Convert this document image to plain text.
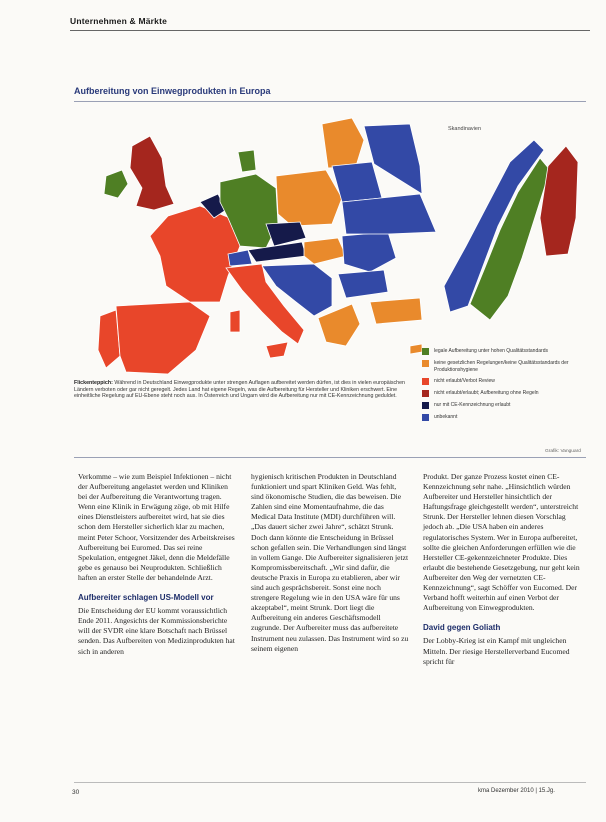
Unternehmen & Märkte
Aufbereitung von Einwegprodukten in Europa
Skandinavien
legale Aufbereitung unter hohen Qualitätsstandards
keine gesetzlichen Regelungen/keine Qualitätsstandards der Produktionshygiene
nicht erlaubt/Verbot Review
nicht erlaubt/erlaubt; Aufbereitung ohne Regeln
nur mit CE-Kennzeichnung erlaubt
unbekannt
Flickenteppich: Während in Deutschland Einwegprodukte unter strengen Auflagen aufbereitet werden dürfen, ist dies in vielen europäischen Ländern verboten oder gar nicht geregelt. Jedes Land hat eigene Regeln, was die Aufbereitung für Hersteller und Kliniken erschwert. Eine einheitliche Regelung auf EU-Ebene steht noch aus. In Österreich und Ungarn wird die Aufbereitung nur mit CE-Kennzeichnung geduldet.
Grafik: Vanguard

Verkomme – wie zum Beispiel Infektionen – nicht der Aufbereitung angelastet werden und Kliniken bei der Aufbereitung die Verantwortung tragen. Wenn eine Klinik in Erwägung zöge, ob mit Hilfe eines Dienstleisters aufbereitet wird, hat sie dies schon dem Hersteller sicherlich klar zu machen, meint Peter Schoor, Vorsitzender des Arbeitskreises Aufbereitung bei Euromed. Das sei reine Spekulation, entgegnet Jäkel, denn die Meldefälle gebe es genauso bei Neuprodukten. Schließlich haften an erster Stelle der behandelnde Arzt.

Aufbereiter schlagen US-Modell vor

Die Entscheidung der EU kommt voraussichtlich Ende 2011. Angesichts der Kommissionsberichte will der SVDR eine klare Botschaft nach Brüssel senden. Das Aufbereiten von Medizinprodukten hat sich in anderen

hygienisch kritischen Produkten in Deutschland funktioniert und spart Kliniken Geld. Was fehlt, sind ökonomische Studien, die das beweisen. Die Zahlen sind eine Momentaufnahme, die das Medical Data Institute (MDI) durchführen will. „Das dauert sicher zwei Jahre“, schätzt Strunk. Doch dann könnte die Entscheidung in Brüssel schon gefallen sein. Die Verhandlungen sind längst in vollem Gange. Die Aufbereiter signalisieren jetzt Kompromissbereitschaft. „Wir sind dafür, die deutsche Praxis in Europa zu etablieren, aber wir sind auch gesprächsbereit. Sonst eine noch strengere Regelung wie in den USA wäre für uns akzeptabel“, meint Strunk. Dort liegt die Aufbereitung ein anderes Geschäftsmodell zugrunde. Der Aufbereiter muss das aufbereitete Instrument neu zulassen. Das Instrument wird so zu seinem eigenen

Produkt. Der ganze Prozess kostet einen CE-Kennzeichnung sehr nahe. „Hinsichtlich würden Aufbereiter und Hersteller hinsichtlich der Haftungsfrage gleichgestellt werden“, unterstreicht Strunk. Der Hersteller lehnen diesen Vorschlag jedoch ab. „Die USA haben ein anderes regulatorisches System. Wer in Europa aufbereitet, sollte die gleichen Anforderungen erfüllen wie die Hersteller CE-gekennzeichneter Produkte. Dies erlaubt die bestehende Gesetzgebung, nur geht kein Aufbereiter den Weg der vernetzten CE-Kennzeichnung“, sagt Schöffer von Eucomed. Der Verband hofft weiterhin auf einen Verbot der Aufbereitung von Einwegprodukten.

David gegen Goliath

Der Lobby-Krieg ist ein Kampf mit ungleichen Mitteln. Der riesige Herstellerverband Eucomed spricht für

30	kma Dezember 2010 | 15.Jg.
